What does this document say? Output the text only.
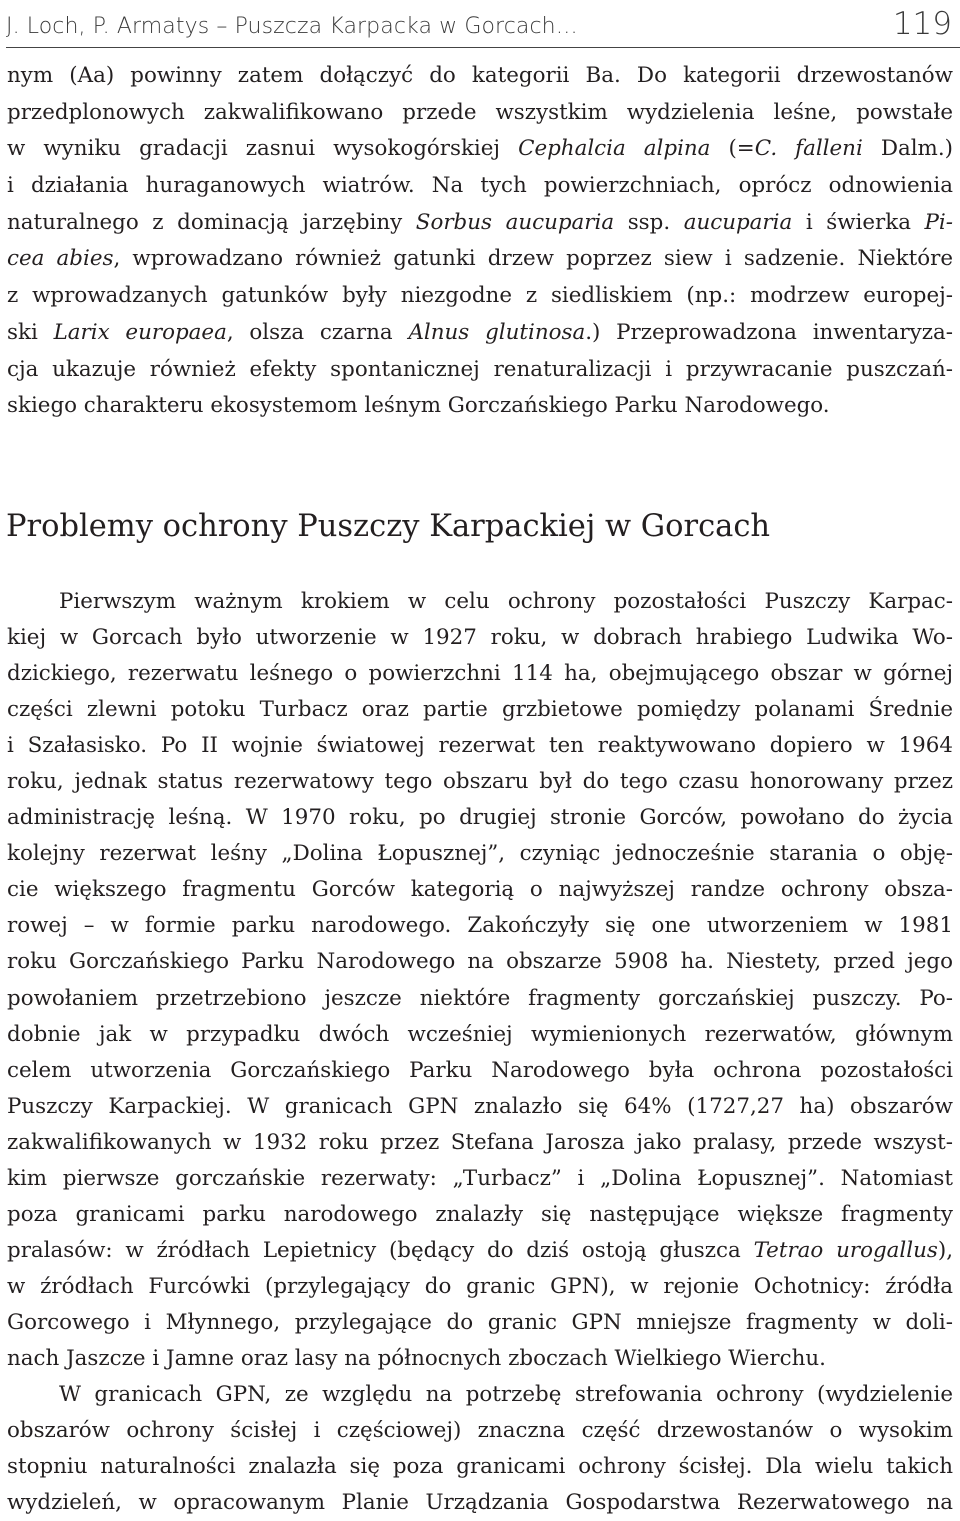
J. Loch, P. Armatys – Puszcza Karpacka w Gorcach…	119
nym (Aa) powinny zatem dołączyć do kategorii Ba. Do kategorii drzewostanów
przedplonowych zakwalifikowano przede wszystkim wydzielenia leśne, powstałe
w wyniku gradacji zasnui wysokogórskiej Cephalcia alpina (=C. falleni Dalm.)
i działania huraganowych wiatrów. Na tych powierzchniach, oprócz odnowienia
naturalnego z dominacją jarzębiny Sorbus aucuparia ssp. aucuparia i świerka Pi-
cea abies, wprowadzano również gatunki drzew poprzez siew i sadzenie. Niektóre
z wprowadzanych gatunków były niezgodne z siedliskiem (np.: modrzew europej-
ski Larix europaea, olsza czarna Alnus glutinosa.) Przeprowadzona inwentaryza-
cja ukazuje również efekty spontanicznej renaturalizacji i przywracanie puszczań-
skiego charakteru ekosystemom leśnym Gorczańskiego Parku Narodowego.
Problemy ochrony Puszczy Karpackiej w Gorcach
Pierwszym ważnym krokiem w celu ochrony pozostałości Puszczy Karpac-
kiej w Gorcach było utworzenie w 1927 roku, w dobrach hrabiego Ludwika Wo-
dzickiego, rezerwatu leśnego o powierzchni 114 ha, obejmującego obszar w górnej
części zlewni potoku Turbacz oraz partie grzbietowe pomiędzy polanami Średnie
i Szałasisko. Po II wojnie światowej rezerwat ten reaktywowano dopiero w 1964
roku, jednak status rezerwatowy tego obszaru był do tego czasu honorowany przez
administrację leśną. W 1970 roku, po drugiej stronie Gorców, powołano do życia
kolejny rezerwat leśny „Dolina Łopusznej”, czyniąc jednocześnie starania o obję-
cie większego fragmentu Gorców kategorią o najwyższej randze ochrony obsza-
rowej – w formie parku narodowego. Zakończyły się one utworzeniem w 1981
roku Gorczańskiego Parku Narodowego na obszarze 5908 ha. Niestety, przed jego
powołaniem przetrzebiono jeszcze niektóre fragmenty gorczańskiej puszczy. Po-
dobnie jak w przypadku dwóch wcześniej wymienionych rezerwatów, głównym
celem utworzenia Gorczańskiego Parku Narodowego była ochrona pozostałości
Puszczy Karpackiej. W granicach GPN znalazło się 64% (1727,27 ha) obszarów
zakwalifikowanych w 1932 roku przez Stefana Jarosza jako pralasy, przede wszyst-
kim pierwsze gorczańskie rezerwaty: „Turbacz” i „Dolina Łopusznej”. Natomiast
poza granicami parku narodowego znalazły się następujące większe fragmenty
pralasów: w źródłach Lepietnicy (będący do dziś ostoją głuszca Tetrao urogallus),
w źródłach Furcówki (przylegający do granic GPN), w rejonie Ochotnicy: źródła
Gorcowego i Młynnego, przylegające do granic GPN mniejsze fragmenty w doli-
nach Jaszcze i Jamne oraz lasy na północnych zboczach Wielkiego Wierchu.
W granicach GPN, ze względu na potrzebę strefowania ochrony (wydzielenie
obszarów ochrony ścisłej i częściowej) znaczna część drzewostanów o wysokim
stopniu naturalności znalazła się poza granicami ochrony ścisłej. Dla wielu takich
wydzieleń, w opracowanym Planie Urządzania Gospodarstwa Rezerwatowego na
